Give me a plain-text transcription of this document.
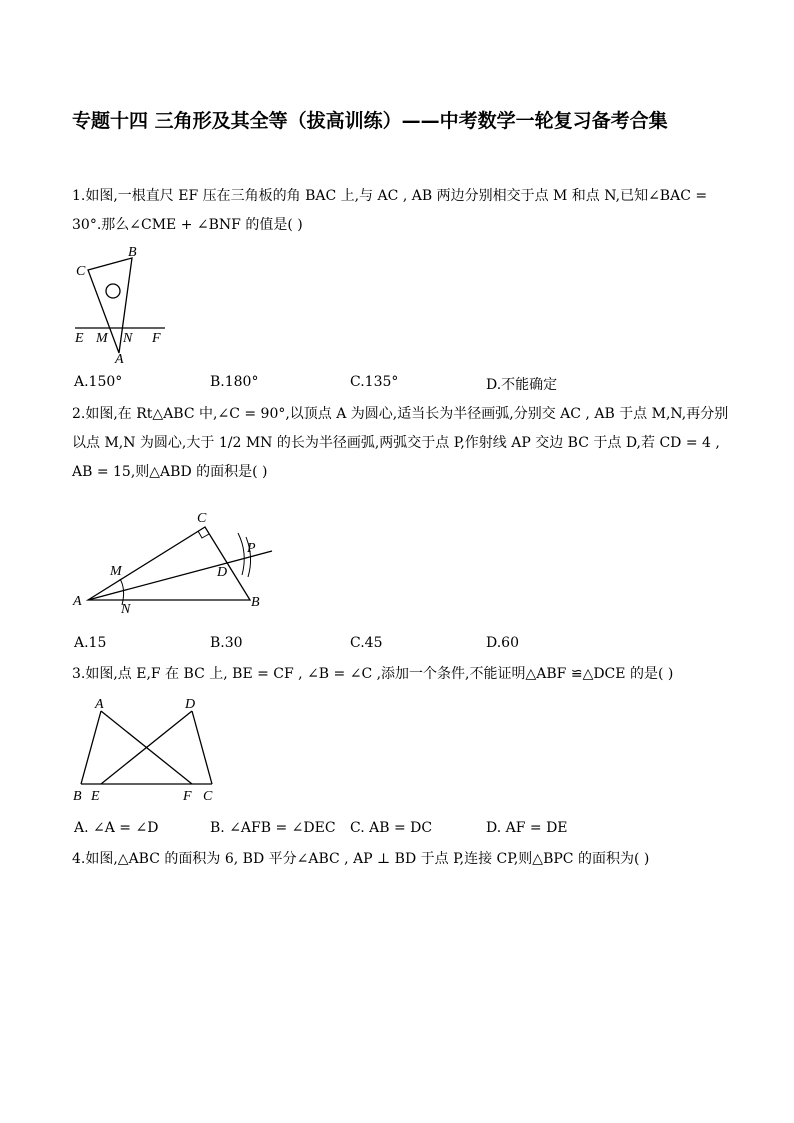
专题十四 三角形及其全等（拔高训练）——中考数学一轮复习备考合集
1.如图,一根直尺 EF 压在三角板的角 BAC 上,与 AC , AB 两边分别相交于点 M 和点 N,已知∠BAC = 30°.那么∠CME + ∠BNF 的值是( )
C
B
E M N F
A
A.150°	B.180°	C.135°	D.不能确定
2.如图,在 Rt△ABC 中,∠C = 90°,以顶点 A 为圆心,适当长为半径画弧,分别交 AC , AB 于点 M,N,再分别以点 M,N 为圆心,大于 1/2 MN 的长为半径画弧,两弧交于点 P,作射线 AP 交边 BC 于点 D,若 CD = 4 , AB = 15,则△ABD 的面积是( )
C
P
M	D
A
N	B
A.15	B.30	C.45	D.60
3.如图,点 E,F 在 BC 上, BE = CF , ∠B = ∠C ,添加一个条件,不能证明△ABF ≌△DCE 的是( )
A	D
B E	F C
A. ∠A = ∠D	B. ∠AFB = ∠DEC C. AB = DC	D. AF = DE
4.如图,△ABC 的面积为 6, BD 平分∠ABC , AP ⊥ BD 于点 P,连接 CP,则△BPC 的面积为( )
